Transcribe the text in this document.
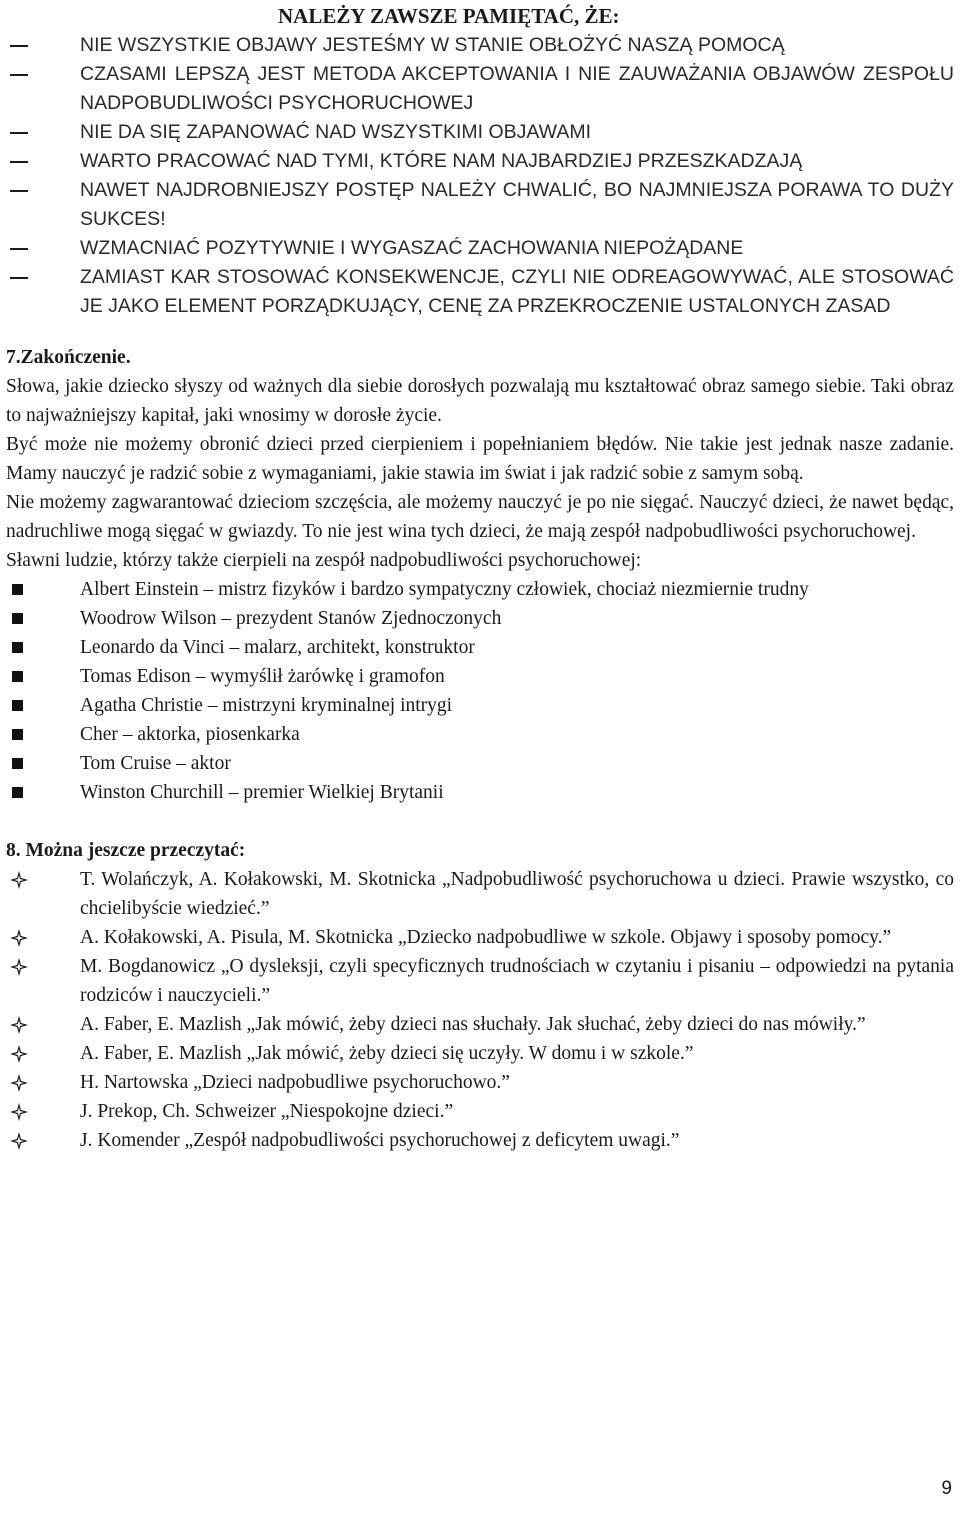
NALEŻY ZAWSZE PAMIĘTAĆ, ŻE:
NIE WSZYSTKIE OBJAWY JESTEŚMY W STANIE OBŁOŻYĆ NASZĄ POMOCĄ
CZASAMI LEPSZĄ JEST METODA AKCEPTOWANIA I NIE ZAUWAŻANIA OBJAWÓW ZESPOŁU NADPOBUDLIWOŚCI PSYCHORUCHOWEJ
NIE DA SIĘ ZAPANOWAĆ NAD WSZYSTKIMI OBJAWAMI
WARTO PRACOWAĆ NAD TYMI, KTÓRE NAM NAJBARDZIEJ PRZESZKADZAJĄ
NAWET NAJDROBNIEJSZY POSTĘP NALEŻY CHWALIĆ, BO NAJMNIEJSZA PORAWA TO DUŻY SUKCES!
WZMACNIAĆ POZYTYWNIE I WYGASZAĆ ZACHOWANIA NIEPOŻĄDANE
ZAMIAST KAR STOSOWAĆ KONSEKWENCJE, CZYLI NIE ODREAGOWYWAĆ, ALE STOSOWAĆ JE JAKO ELEMENT PORZĄDKUJĄCY, CENĘ ZA PRZEKROCZENIE USTALONYCH ZASAD
7.Zakończenie.

Słowa, jakie dziecko słyszy od ważnych dla siebie dorosłych pozwalają mu kształtować obraz samego siebie. Taki obraz to najważniejszy kapitał, jaki wnosimy w dorosłe życie.

Być może nie możemy obronić dzieci przed cierpieniem i popełnianiem błędów. Nie takie jest jednak nasze zadanie. Mamy nauczyć je radzić sobie z wymaganiami, jakie stawia im świat i jak radzić sobie z samym sobą.

Nie możemy zagwarantować dzieciom szczęścia, ale możemy nauczyć je po nie sięgać. Nauczyć dzieci, że nawet będąc, nadruchliwe mogą sięgać w gwiazdy. To nie jest wina tych dzieci, że mają zespół nadpobudliwości psychoruchowej.

Sławni ludzie, którzy także cierpieli na zespół nadpobudliwości psychoruchowej:

Albert Einstein – mistrz fizyków i bardzo sympatyczny człowiek, chociaż niezmiernie trudny
Woodrow Wilson – prezydent Stanów Zjednoczonych
Leonardo da Vinci – malarz, architekt, konstruktor
Tomas Edison – wymyślił żarówkę i gramofon
Agatha Christie – mistrzyni kryminalnej intrygi
Cher – aktorka, piosenkarka
Tom Cruise – aktor
Winston Churchill – premier Wielkiej Brytanii
8. Można jeszcze przeczytać:
T. Wolańczyk, A. Kołakowski, M. Skotnicka „Nadpobudliwość psychoruchowa u dzieci. Prawie wszystko, co chcielibyście wiedzieć.”
A. Kołakowski, A. Pisula, M. Skotnicka „Dziecko nadpobudliwe w szkole. Objawy i sposoby pomocy.”
M. Bogdanowicz „O dysleksji, czyli specyficznych trudnościach w czytaniu i pisaniu – odpowiedzi na pytania rodziców i nauczycieli.”
A. Faber, E. Mazlish „Jak mówić, żeby dzieci nas słuchały. Jak słuchać, żeby dzieci do nas mówiły.”
A. Faber, E. Mazlish „Jak mówić, żeby dzieci się uczyły. W domu i w szkole.”
H. Nartowska „Dzieci nadpobudliwe psychoruchowo.”
J. Prekop, Ch. Schweizer „Niespokojne dzieci.”
J. Komender „Zespół nadpobudliwości psychoruchowej z deficytem uwagi.”
9
